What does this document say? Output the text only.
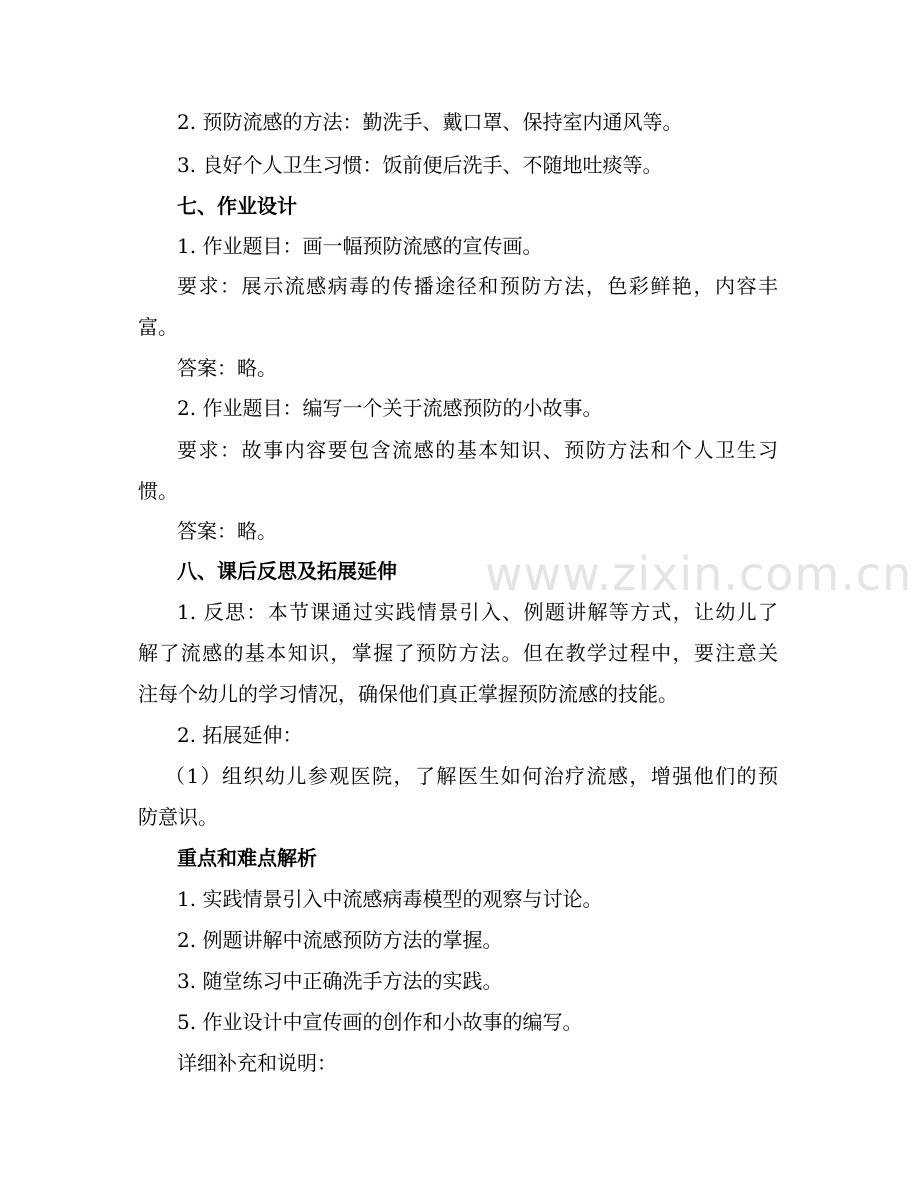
www.zixin.com.cn

2. 预防流感的方法：勤洗手、戴口罩、保持室内通风等。

3. 良好个人卫生习惯：饭前便后洗手、不随地吐痰等。

七、作业设计

1. 作业题目：画一幅预防流感的宣传画。

要求：展示流感病毒的传播途径和预防方法，色彩鲜艳，内容丰

富。

答案：略。

2. 作业题目：编写一个关于流感预防的小故事。

要求：故事内容要包含流感的基本知识、预防方法和个人卫生习

惯。

答案：略。

八、课后反思及拓展延伸

1. 反思：本节课通过实践情景引入、例题讲解等方式，让幼儿了

解了流感的基本知识，掌握了预防方法。但在教学过程中，要注意关

注每个幼儿的学习情况，确保他们真正掌握预防流感的技能。

2. 拓展延伸：

（1）组织幼儿参观医院，了解医生如何治疗流感，增强他们的预

防意识。

重点和难点解析

1. 实践情景引入中流感病毒模型的观察与讨论。

2. 例题讲解中流感预防方法的掌握。

3. 随堂练习中正确洗手方法的实践。

5. 作业设计中宣传画的创作和小故事的编写。

详细补充和说明：
